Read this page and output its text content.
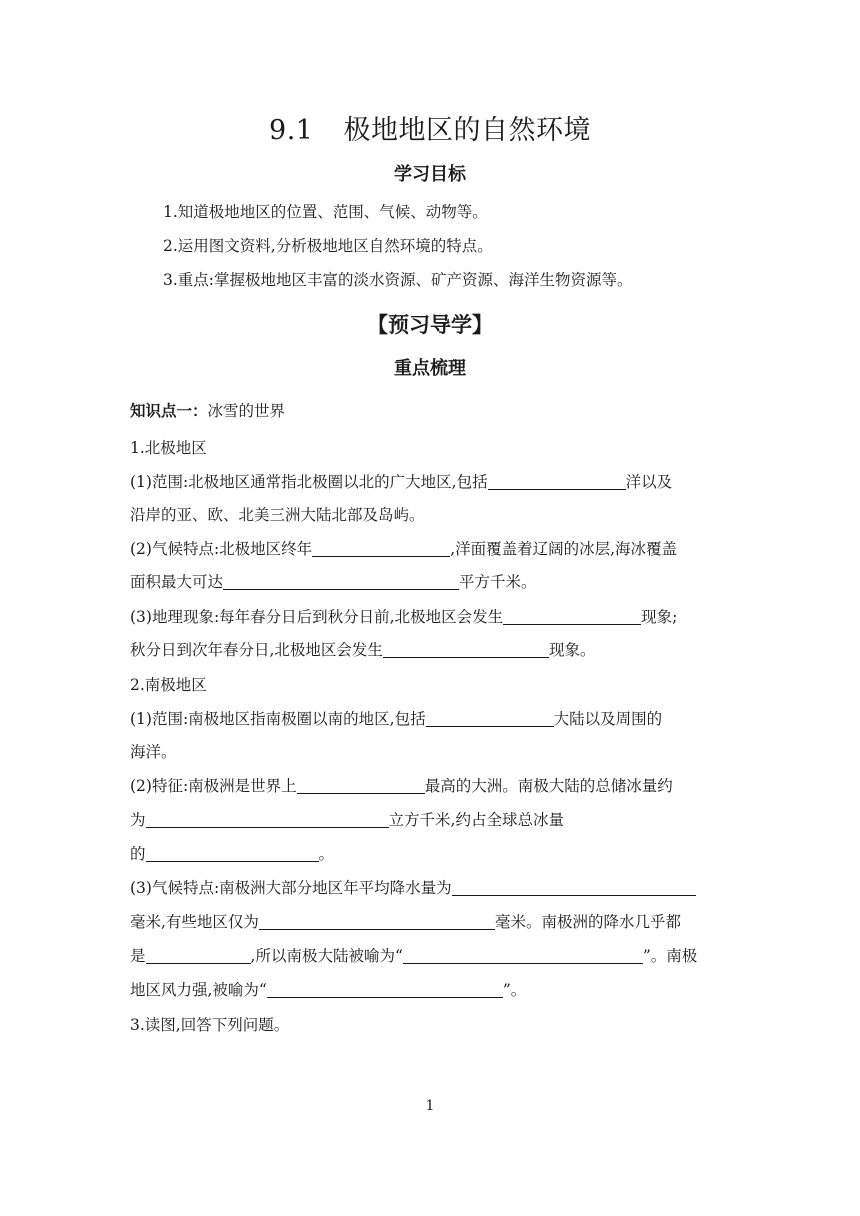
9.1 极地地区的自然环境
学习目标
1.知道极地地区的位置、范围、气候、动物等。
2.运用图文资料,分析极地地区自然环境的特点。
3.重点:掌握极地地区丰富的淡水资源、矿产资源、海洋生物资源等。
【预习导学】
重点梳理
知识点一：冰雪的世界
1.北极地区
(1)范围:北极地区通常指北极圈以北的广大地区,包括	洋以及
沿岸的亚、欧、北美三洲大陆北部及岛屿。
(2)气候特点:北极地区终年	,洋面覆盖着辽阔的冰层,海冰覆盖
面积最大可达	平方千米。
(3)地理现象:每年春分日后到秋分日前,北极地区会发生	现象;
秋分日到次年春分日,北极地区会发生	现象。
2.南极地区
(1)范围:南极地区指南极圈以南的地区,包括	大陆以及周围的
海洋。
(2)特征:南极洲是世界上	最高的大洲。南极大陆的总储冰量约
为	立方千米,约占全球总冰量
的	。
(3)气候特点:南极洲大部分地区年平均降水量为
毫米,有些地区仅为	毫米。南极洲的降水几乎都
是	,所以南极大陆被喻为“	”。南极
地区风力强,被喻为“	”。
3.读图,回答下列问题。
1
